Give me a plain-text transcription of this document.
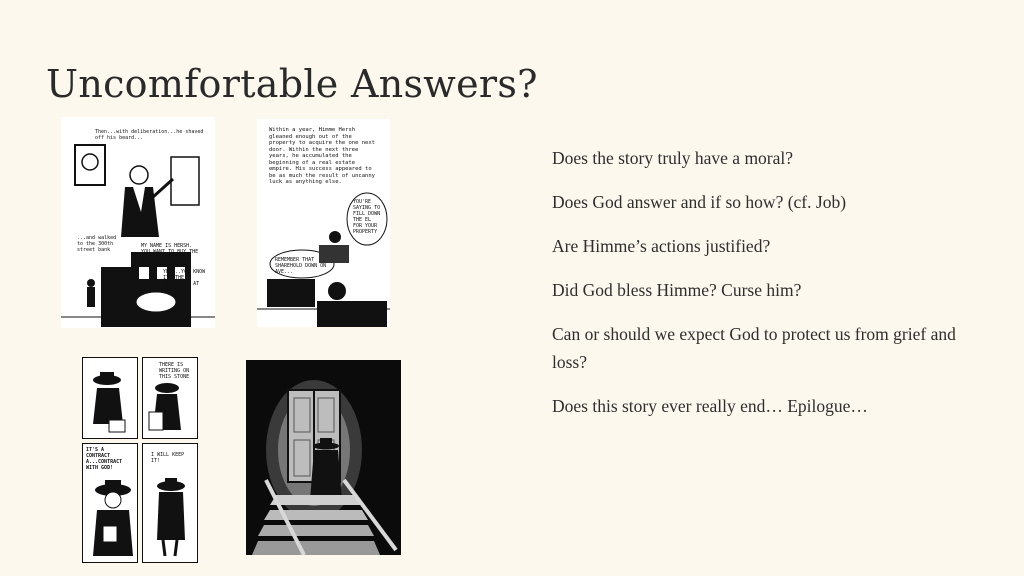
Uncomfortable Answers?
Then...with deliberation...he shaved off his beard...
...and walked to the 300th street bank
MY NAME IS HERSH. YOU WANT TO BUY THE DWELLING ON SYNAGOGUE ANE.
YES...YOU KNOW IT, THE HOMESTEAD AT NO. 55
Within a year, Himme Hersh gleaned enough out of the property to acquire the one next door. Within the next three years, he accumulated the beginning of a real estate empire. His success appeared to be as much the result of uncanny luck as anything else.
YOU'RE SAYING TO FILL DOWN THE EL FOR YOUR PROPERTY
REMEMBER THAT SHAREHOLD DOWN ON AVE...
THERE IS WRITING ON THIS STONE
IT'S A CONTRACT A...CONTRACT WITH GOD!
I WILL KEEP IT!
Does the story truly have a moral?
Does God answer and if so how? (cf. Job)
Are Himme’s actions justified?
Did God bless Himme? Curse him?
Can or should we expect God to protect us from grief and loss?
Does this story ever really end… Epilogue…
